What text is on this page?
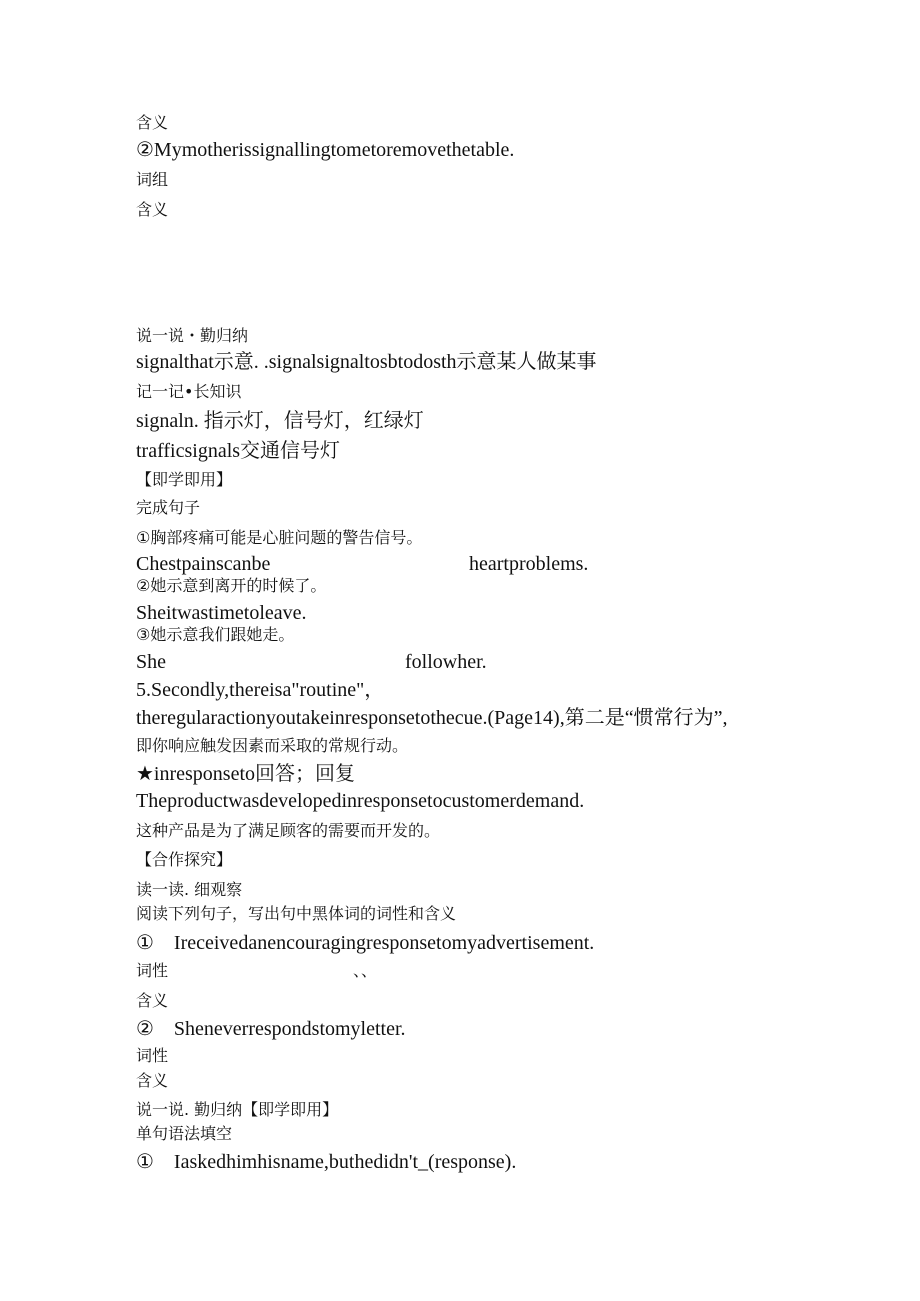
含义
②Mymotherissignallingtometoremovethetable.
词组
含义
说一说・勤归纳
signalthat示意. .signalsignaltosbtodosth示意某人做某事
记一记•长知识
signaln. 指示灯，信号灯，红绿灯
trafficsignals交通信号灯
【即学即用】
完成句子
①胸部疼痛可能是心脏问题的警告信号。
Chestpainscanbe	heartproblems.
②她示意到离开的时候了。
Sheitwastimetoleave.
③她示意我们跟她走。
She	followher.
5.Secondly,thereisa"routine"，
theregularactionyoutakeinresponsetothecue.(Page14),第二是“惯常行为”,
即你响应触发因素而采取的常规行动。
★inresponseto回答；回复
Theproductwasdevelopedinresponsetocustomerdemand.
这种产品是为了满足顾客的需要而开发的。
【合作探究】
读一读. 细观察
阅读下列句子，写出句中黑体词的词性和含义
①　Ireceivedanencouragingresponsetomyadvertisement.
词性	、、
含义
②　Sheneverrespondstomyletter.
词性
含义
说一说. 勤归纳【即学即用】
单句语法填空
①　Iaskedhimhisname,buthedidn't_(response).
